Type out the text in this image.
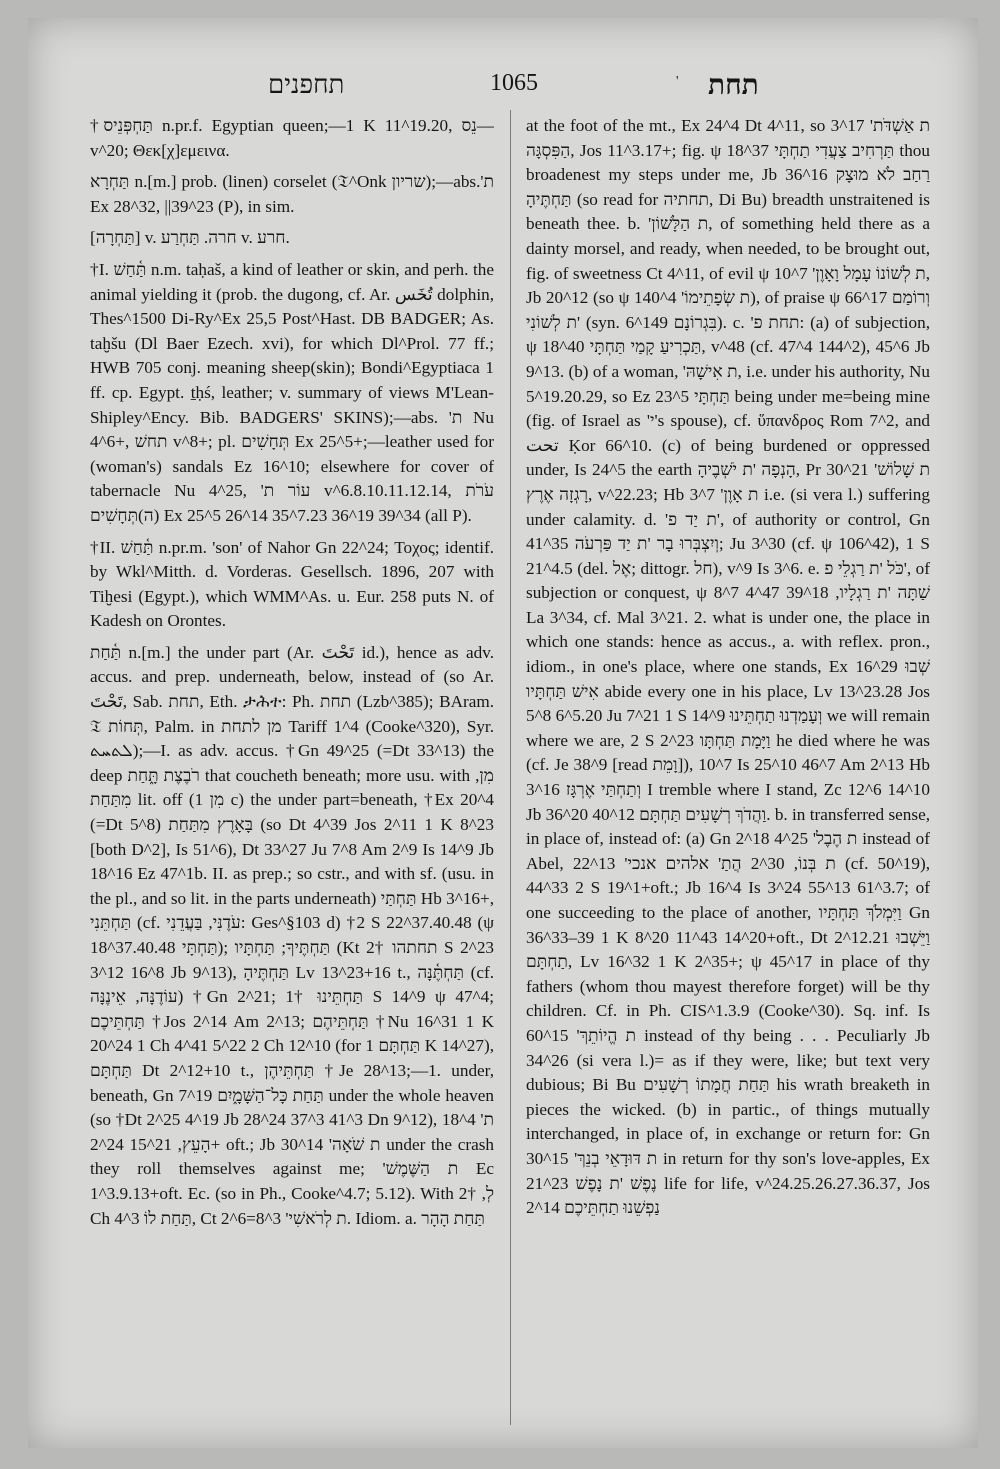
תחפנים	1065	' תחת

†תַּחְפְּנֵיס n.pr.f. Egyptian queen;—1 K 11^19.20, נֵס— v^20; Θεκ[χ]εμεινα.

תַּחְרָא n.[m.] prob. (linen) corselet (𝔗^Onk שריון);—abs.'ת Ex 28^32, ||39^23 (P), in sim.

[תַּחְרָה] v. חרה. תַּחְרַע v. חרע.

†I. תַּ֫חַשׁ n.m. taḥaš, a kind of leather or skin, and perh. the animal yielding it (prob. the dugong, cf. Ar. تُخَس dolphin, Thes^1500 Di-Ry^Ex 25,5 Post^Hast. DB BADGER; As. taḫšu (Dl Baer Ezech. xvi), for which Dl^Prol. 77 ff.; HWB 705 conj. meaning sheep(skin); Bondi^Egyptiaca 1 ff. cp. Egypt. ṯḥś, leather; v. summary of views M'Lean-Shipley^Ency. Bib. BADGERS' SKINS);—abs. 'ת Nu 4^6+, תחשׁ v^8+; pl. תְּחָשִׁים Ex 25^5+;—leather used for (woman's) sandals Ez 16^10; elsewhere for cover of tabernacle Nu 4^25, 'עוֹר ת v^6.8.10.11.12.14, עֹרֹת (ה)תְּחָשִׁים Ex 25^5 26^14 35^7.23 36^19 39^34 (all P).

†II. תַּ֫חַשׁ n.pr.m. 'son' of Nahor Gn 22^24; Τοχος; identif. by Wkl^Mitth. d. Vorderas. Gesellsch. 1896, 207 with Tiḫesi (Egypt.), which WMM^As. u. Eur. 258 puts N. of Kadesh on Orontes.

תַּ֫חַת n.[m.] the under part (Ar. تَحْتَ id.), hence as adv. accus. and prep. underneath, below, instead of (so Ar. تَحْتَ, Sab. תחת, Eth. ታሕተ: Ph. תחת (Lzb^385); BAram. 𝔗 תְּחוֹת, Palm. in מן לתחת Tariff 1^4 (Cooke^320), Syr. ܠܬܚܬ);—I. as adv. accus. †Gn 49^25 (=Dt 33^13) the deep רֹבֶצֶת תָּ֑חַת that coucheth beneath; more usu. with מִן, מִתַּחַת lit. off (מִן 1 c) the under part=beneath, †Ex 20^4 (=Dt 5^8) בָּאָרֶץ מִתַּחַת (so Dt 4^39 Jos 2^11 1 K 8^23 [both D^2], Is 51^6), Dt 33^27 Ju 7^8 Am 2^9 Is 14^9 Jb 18^16 Ez 47^1b. II. as prep.; so cstr., and with sf. (usu. in the pl., and so lit. in the parts underneath) תַּחְתַּי Hb 3^16+, תַּחְתֵּנִי (cf. עֹדֶנִּי, בַּעֲדֵנִי: Ges^§103 d) †2 S 22^37.40.48 (ψ 18^37.40.48 תַּחְתָּי); תַּחְתֶּיךָ; תַּחְתָּיו (Kt תחתהו †2 S 2^23 3^12 16^8 Jb 9^13), תַּחְתֶּיהָ Lv 13^23+16 t., תַּחְתֶּ֫נָּה (cf. עוֹדֶנָּה, אֵינֶנָּה) †Gn 2^21; תַּחְתֵּינוּ †1 S 14^9 ψ 47^4; תַּחְתֵּיכֶם †Jos 2^14 Am 2^13; תַּחְתֵּיהֶם †Nu 16^31 1 K 20^24 1 Ch 4^41 5^22 2 Ch 12^10 (for תַּחְתָּם 1 K 14^27), תַּחְתָּם Dt 2^12+10 t., תַּחְתֵּיהֶן †Je 28^13;—1. under, beneath, Gn 7^19 תַּחַת כָּל־הַשָּׁמָ֑יִם under the whole heaven (so †Dt 2^25 4^19 Jb 28^24 37^3 41^3 Dn 9^12), 18^4 'ת הָעֵץ, 21^15 24^2+ oft.; Jb 30^14 'ת שֹׁאָה under the crash they roll themselves against me; 'ת הַשֶּׁמֶשׁ Ec 1^3.9.13+oft. Ec. (so in Ph., Cooke^4.7; 5.12). With לְ, †2 Ch 4^3 תַּחַת לוֹ, Ct 2^6=8^3 'ת לְרֹאשִׁי. Idiom. a. תַּחַת הָהָר

at the foot of the mt., Ex 24^4 Dt 4^11, so 3^17 'ת אַשְׁדֹּת הַפִּסְגָּה, Jos 11^3.17+; fig. ψ 18^37 תַּרְחִיב צַעֲדִי תַחְתָּי thou broadenest my steps under me, Jb 36^16 רַחַב לֹא מוּצָק תַּחְתֶּיהָ (so read for תחתיה, Di Bu) breadth unstraitened is beneath thee. b. 'ת הַלָּשׁוֹן, of something held there as a dainty morsel, and ready, when needed, to be brought out, fig. of sweetness Ct 4^11, of evil ψ 10^7 'ת לְשׁוֹנוֹ עָמָל וָאָוֶן, Jb 20^12 (so ψ 140^4 'ת שְׂפָתֵימוֹ), of praise ψ 66^17 וְרוֹמַם 'ת לְשׁוֹנִי (syn. בִּגְרוֹנָם 149^6). c. 'תחת פ: (a) of subjection, ψ 18^40 תַּכְרִיעַ קָמַי תַּחְתָּי, v^48 (cf. 47^4 144^2), 45^6 Jb 9^13. (b) of a woman, 'ת אִישָׁהּ, i.e. under his authority, Nu 5^19.20.29, so Ez 23^5 תַּחְתָּי being under me=being mine (fig. of Israel as 'י's spouse), cf. ὕπανδρος Rom 7^2, and تحت Ḳor 66^10. (c) of being burdened or oppressed under, Is 24^5 the earth הָנְפָה 'ת יֹשְׁבֶיהָ, Pr 30^21 'ת שָׁלוֹשׁ רָגְזָה אֶרֶץ, v^22.23; Hb 3^7 'ת אָוֶן i.e. (si vera l.) suffering under calamity. d. 'ת יַד פ', of authority or control, Gn 41^35 וְיִצְבְּרוּ בָר 'ת יַד פַּרְעֹה; Ju 3^30 (cf. ψ 106^42), 1 S 21^4.5 (del. אֶל; dittogr. חל), v^9 Is 3^6. e. כֹּל 'ת רַגְלֵי פ', of subjection or conquest, ψ 8^7 שַׁתָּה 'ת רַגְלָיו, 18^39 47^4 La 3^34, cf. Mal 3^21. 2. what is under one, the place in which one stands: hence as accus., a. with reflex. pron., idiom., in one's place, where one stands, Ex 16^29 שְׁבוּ אִישׁ תַּחְתָּיו abide every one in his place, Lv 13^23.28 Jos 5^8 6^5.20 Ju 7^21 1 S 14^9 וְעָמַדְנוּ תַחְתֵּינוּ we will remain where we are, 2 S 2^23 וַיָּמָת תַּחְתָּו he died where he was (cf. Je 38^9 [read וָמֵת]), 7^10 Is 25^10 46^7 Am 2^13 Hb 3^16 וְתַחְתַּי אֶרְגָּז I tremble where I stand, Zc 12^6 14^10 Jb 36^20 40^12 וַהֲדֹךְ רְשָׁעִים תַּחְתָּם. b. in transferred sense, in place of, instead of: (a) Gn 2^18 4^25 'ת הֶבֶל instead of Abel, 22^13 'ת בְּנוֹ, 30^2 הֲתַ' אלהים אנכי (cf. 50^19), 44^33 2 S 19^1+oft.; Jb 16^4 Is 3^24 55^13 61^3.7; of one succeeding to the place of another, וַיִּמְלֹךְ תַּחְתָּיו Gn 36^33–39 1 K 8^20 11^43 14^20+oft., Dt 2^12.21 וַיֵּשְׁבוּ תַחְתָּם, Lv 16^32 1 K 2^35+; ψ 45^17 in place of thy fathers (whom thou mayest therefore forget) will be thy children. Cf. in Ph. CIS^1.3.9 (Cooke^30). Sq. inf. Is 60^15 'ת הֱיוֹתֵךְ instead of thy being . . . Peculiarly Jb 34^26 (si vera l.)= as if they were, like; but text very dubious; Bi Bu תַּחַת חֲמָתוֹ רְשָׁעִים his wrath breaketh in pieces the wicked. (b) in partic., of things mutually interchanged, in place of, in exchange or return for: Gn 30^15 'ת דּוּדָאֵי בְנֵךְ in return for thy son's love-apples, Ex 21^23 נֶפֶשׁ 'ת נָפֶשׁ life for life, v^24.25.26.27.36.37, Jos 2^14 נַפְשֵׁנוּ תַחְתֵּיכֶם
